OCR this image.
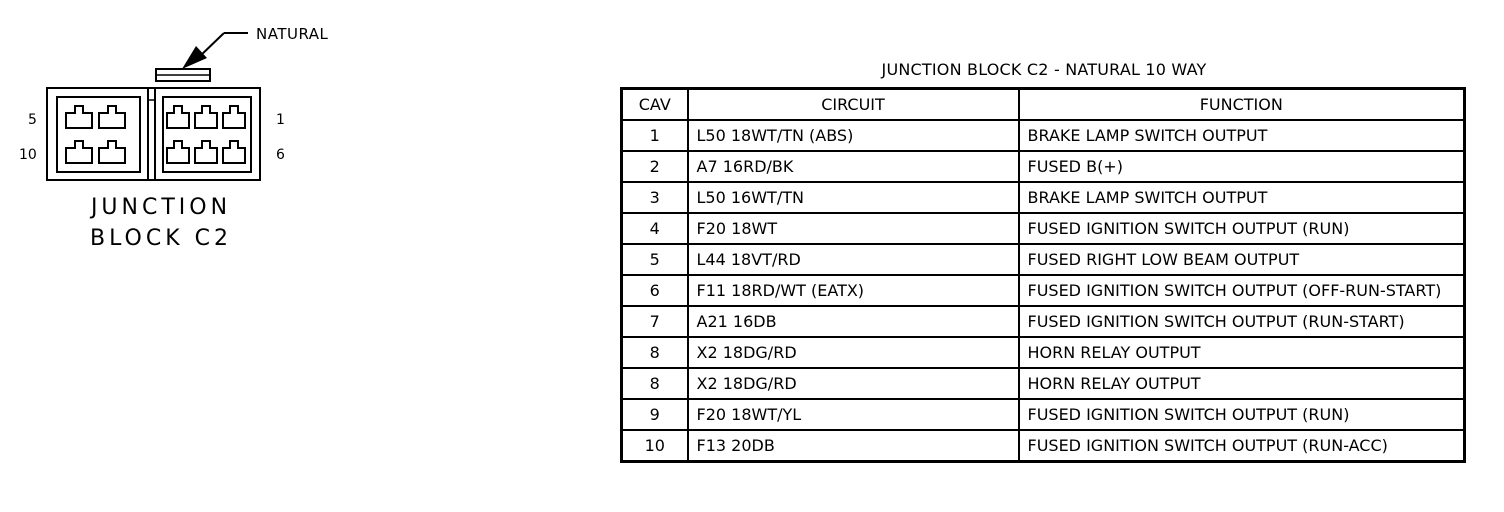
NATURAL
5
10
1
6
JUNCTION
BLOCK C2
JUNCTION BLOCK C2 - NATURAL 10 WAY
CAV	CIRCUIT	FUNCTION
1	L50 18WT/TN (ABS)	BRAKE LAMP SWITCH OUTPUT
2	A7 16RD/BK	FUSED B(+)
3	L50 16WT/TN	BRAKE LAMP SWITCH OUTPUT
4	F20 18WT	FUSED IGNITION SWITCH OUTPUT (RUN)
5	L44 18VT/RD	FUSED RIGHT LOW BEAM OUTPUT
6	F11 18RD/WT (EATX)	FUSED IGNITION SWITCH OUTPUT (OFF-RUN-START)
7	A21 16DB	FUSED IGNITION SWITCH OUTPUT (RUN-START)
8	X2 18DG/RD	HORN RELAY OUTPUT
8	X2 18DG/RD	HORN RELAY OUTPUT
9	F20 18WT/YL	FUSED IGNITION SWITCH OUTPUT (RUN)
10	F13 20DB	FUSED IGNITION SWITCH OUTPUT (RUN-ACC)
